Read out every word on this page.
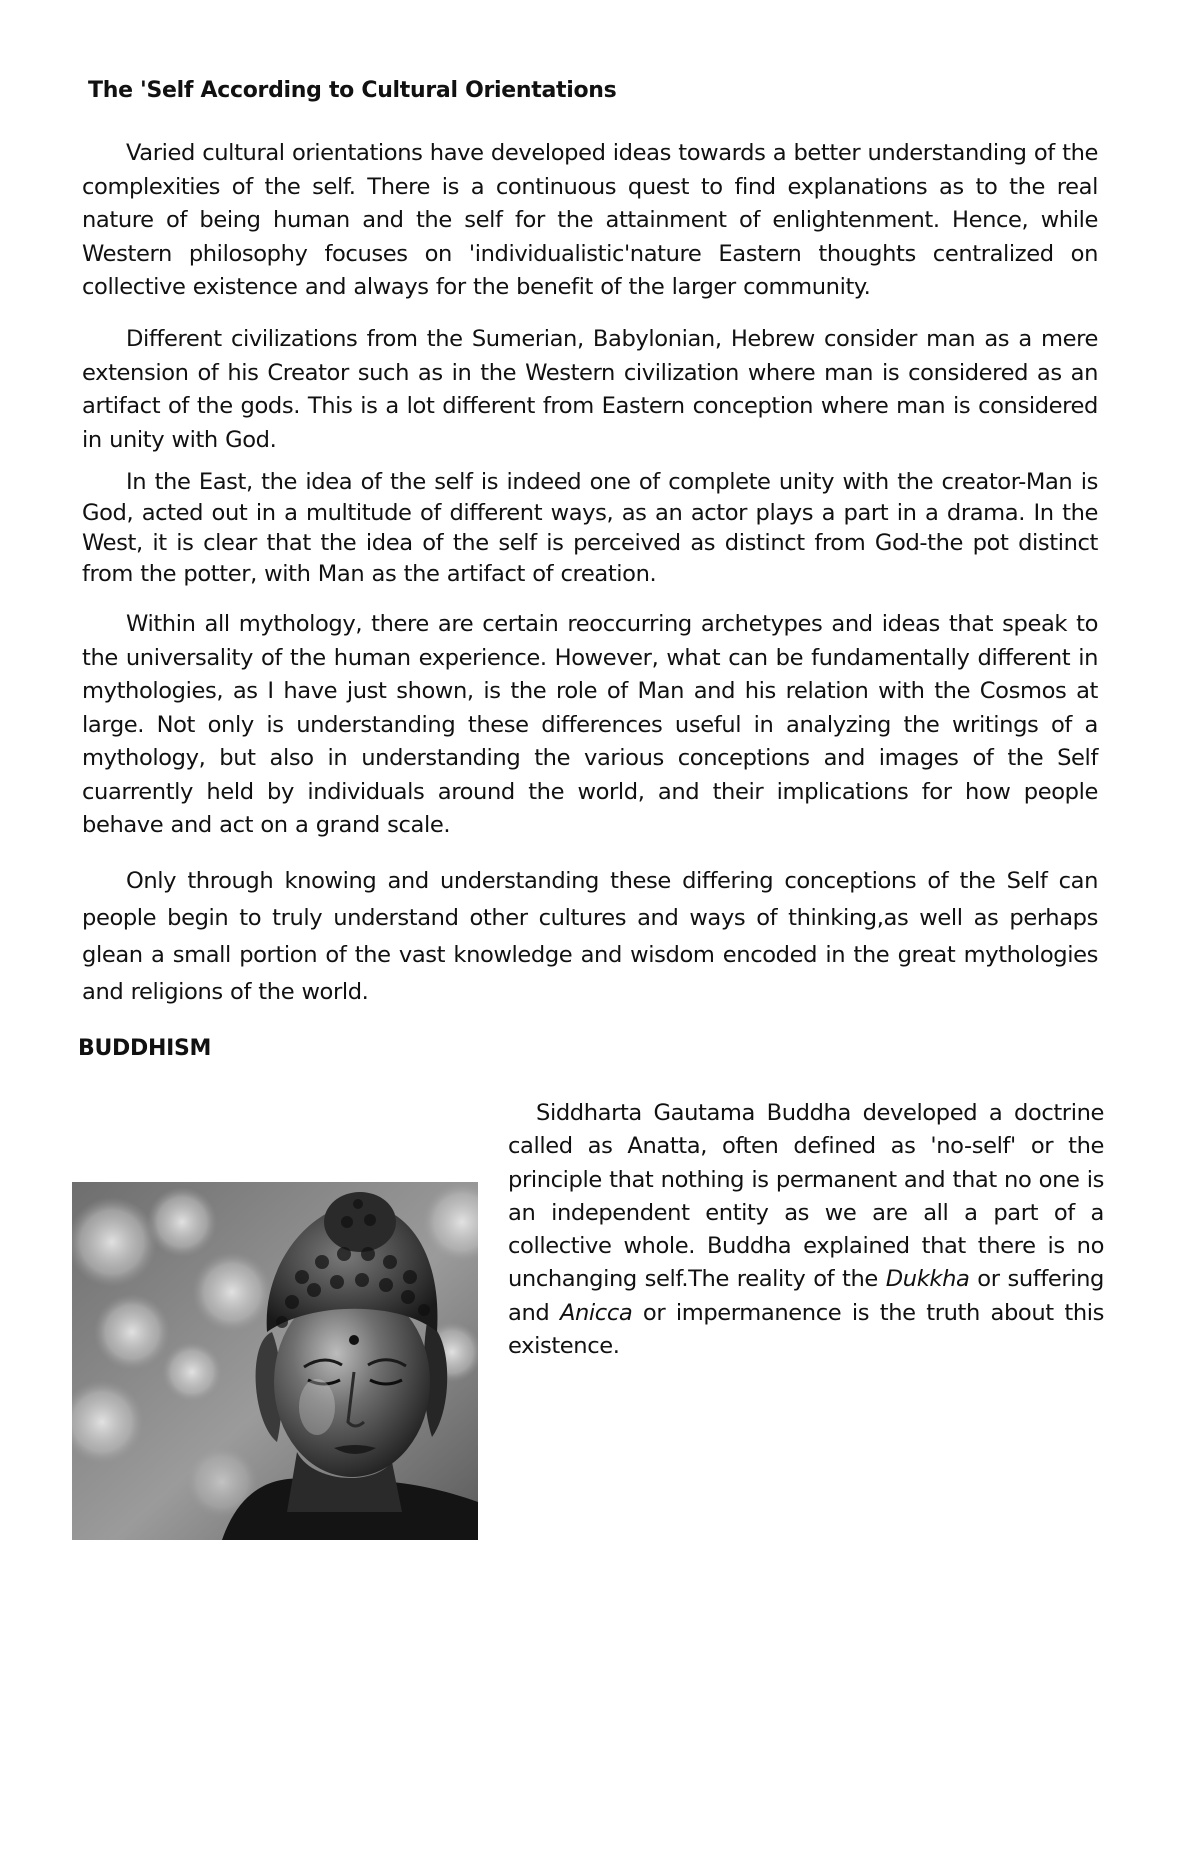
The 'Self According to Cultural Orientations

Varied cultural orientations have developed ideas towards a better understanding of the complexities of the self. There is a continuous quest to find explanations as to the real nature of being human and the self for the attainment of enlightenment. Hence, while Western philosophy focuses on 'individualistic'nature Eastern thoughts centralized on collective existence and always for the benefit of the larger community.

Different civilizations from the Sumerian, Babylonian, Hebrew consider man as a mere extension of his Creator such as in the Western civilization where man is considered as an artifact of the gods. This is a lot different from Eastern conception where man is considered in unity with God.

In the East, the idea of the self is indeed one of complete unity with the creator-Man is God, acted out in a multitude of different ways, as an actor plays a part in a drama. In the West, it is clear that the idea of the self is perceived as distinct from God-the pot distinct from the potter, with Man as the artifact of creation.

Within all mythology, there are certain reoccurring archetypes and ideas that speak to the universality of the human experience. However, what can be fundamentally different in mythologies, as I have just shown, is the role of Man and his relation with the Cosmos at large. Not only is understanding these differences useful in analyzing the writings of a mythology, but also in understanding the various conceptions and images of the Self cuarrently held by individuals around the world, and their implications for how people behave and act on a grand scale.

Only through knowing and understanding these differing conceptions of the Self can people begin to truly understand other cultures and ways of thinking,as well as perhaps glean a small portion of the vast knowledge and wisdom encoded in the great mythologies and religions of the world.

BUDDHISM

Siddharta Gautama Buddha developed a doctrine called as Anatta, often defined as 'no-self' or the principle that nothing is permanent and that no one is an independent entity as we are all a part of a collective whole. Buddha explained that there is no unchanging self.The reality of the Dukkha or suffering and Anicca or impermanence is the truth about this existence.
